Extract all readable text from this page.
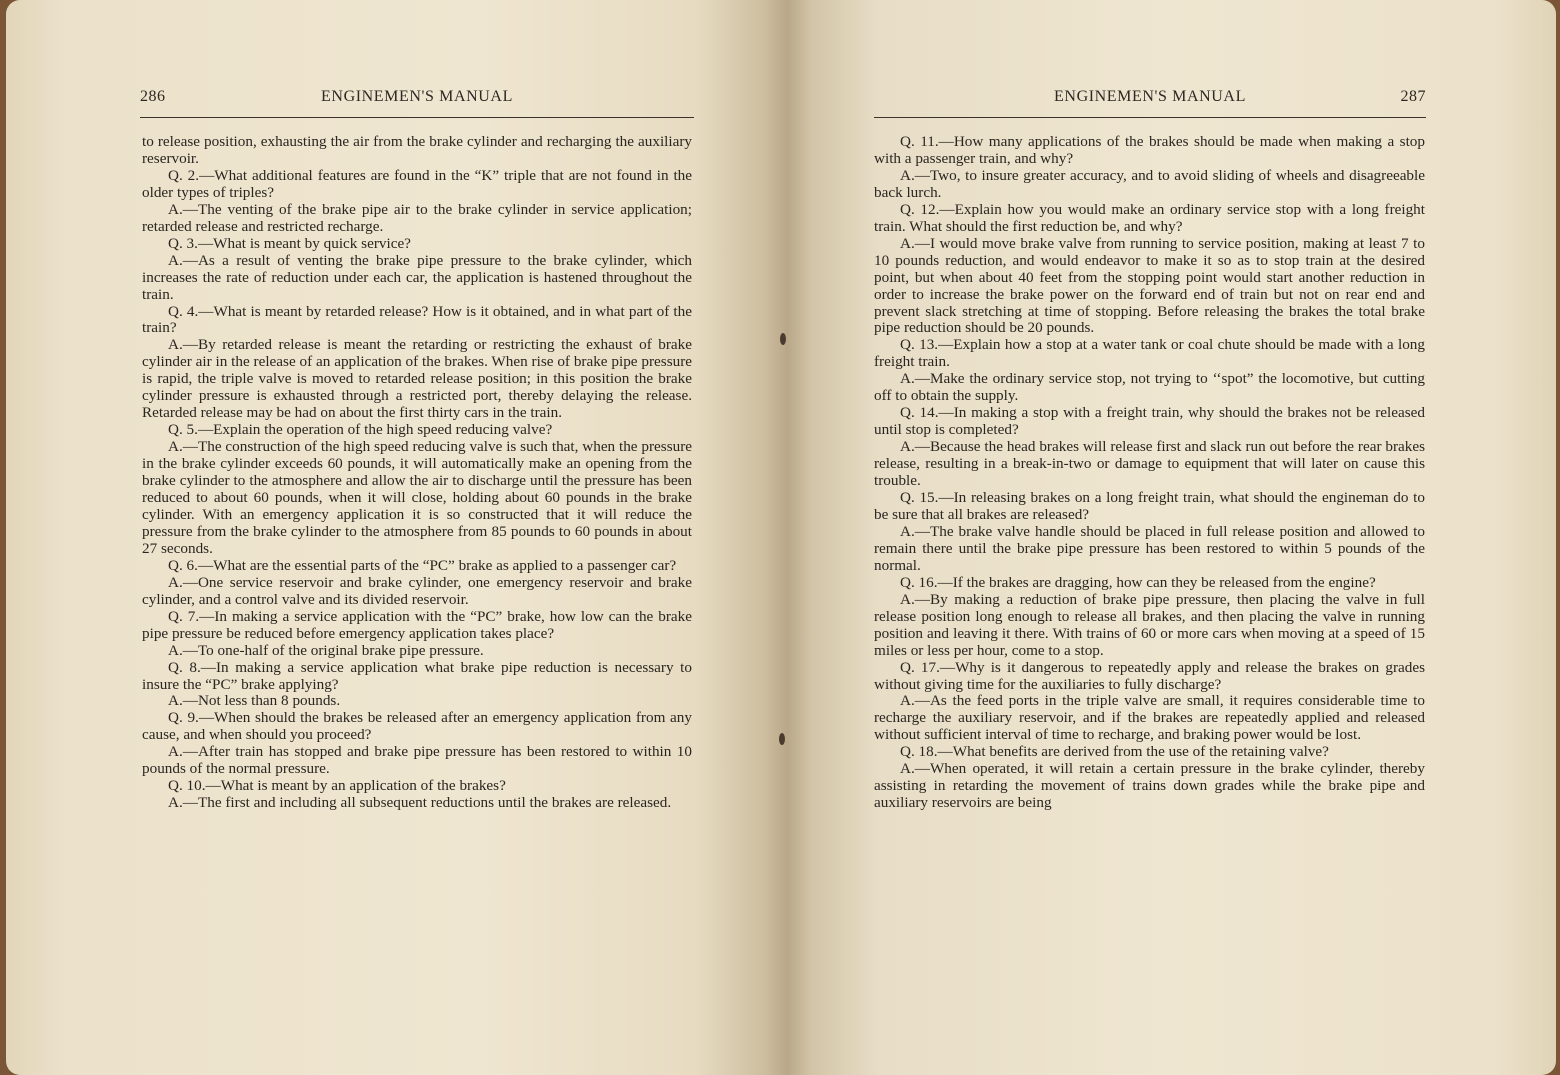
286	ENGINEMEN'S MANUAL

to release position, exhausting the air from the brake cylinder and recharging the auxiliary reservoir.

Q. 2.—What additional features are found in the “K” triple that are not found in the older types of triples?

A.—The venting of the brake pipe air to the brake cylinder in service application; retarded release and restricted recharge.

Q. 3.—What is meant by quick service?

A.—As a result of venting the brake pipe pressure to the brake cylinder, which increases the rate of reduction under each car, the application is hastened throughout the train.

Q. 4.—What is meant by retarded release? How is it obtained, and in what part of the train?

A.—By retarded release is meant the retarding or restricting the exhaust of brake cylinder air in the release of an application of the brakes. When rise of brake pipe pressure is rapid, the triple valve is moved to retarded release position; in this position the brake cylinder pressure is exhausted through a restricted port, thereby delaying the release. Retarded release may be had on about the first thirty cars in the train.

Q. 5.—Explain the operation of the high speed reducing valve?

A.—The construction of the high speed reducing valve is such that, when the pressure in the brake cylinder exceeds 60 pounds, it will automatically make an opening from the brake cylinder to the atmosphere and allow the air to discharge until the pressure has been reduced to about 60 pounds, when it will close, holding about 60 pounds in the brake cylinder. With an emergency application it is so constructed that it will reduce the pressure from the brake cylinder to the atmosphere from 85 pounds to 60 pounds in about 27 seconds.

Q. 6.—What are the essential parts of the “PC” brake as applied to a passenger car?

A.—One service reservoir and brake cylinder, one emergency reservoir and brake cylinder, and a control valve and its divided reservoir.

Q. 7.—In making a service application with the “PC” brake, how low can the brake pipe pressure be reduced before emergency application takes place?

A.—To one-half of the original brake pipe pressure.

Q. 8.—In making a service application what brake pipe reduction is necessary to insure the “PC” brake applying?

A.—Not less than 8 pounds.

Q. 9.—When should the brakes be released after an emergency application from any cause, and when should you proceed?

A.—After train has stopped and brake pipe pressure has been restored to within 10 pounds of the normal pressure.

Q. 10.—What is meant by an application of the brakes?

A.—The first and including all subsequent reductions until the brakes are released.

ENGINEMEN'S MANUAL	287

Q. 11.—How many applications of the brakes should be made when making a stop with a passenger train, and why?

A.—Two, to insure greater accuracy, and to avoid sliding of wheels and disagreeable back lurch.

Q. 12.—Explain how you would make an ordinary service stop with a long freight train. What should the first reduction be, and why?

A.—I would move brake valve from running to service position, making at least 7 to 10 pounds reduction, and would endeavor to make it so as to stop train at the desired point, but when about 40 feet from the stopping point would start another reduction in order to increase the brake power on the forward end of train but not on rear end and prevent slack stretching at time of stopping. Before releasing the brakes the total brake pipe reduction should be 20 pounds.

Q. 13.—Explain how a stop at a water tank or coal chute should be made with a long freight train.

A.—Make the ordinary service stop, not trying to ‘‘spot” the locomotive, but cutting off to obtain the supply.

Q. 14.—In making a stop with a freight train, why should the brakes not be released until stop is completed?

A.—Because the head brakes will release first and slack run out before the rear brakes release, resulting in a break-in-two or damage to equipment that will later on cause this trouble.

Q. 15.—In releasing brakes on a long freight train, what should the engineman do to be sure that all brakes are released?

A.—The brake valve handle should be placed in full release position and allowed to remain there until the brake pipe pressure has been restored to within 5 pounds of the normal.

Q. 16.—If the brakes are dragging, how can they be released from the engine?

A.—By making a reduction of brake pipe pressure, then placing the valve in full release position long enough to release all brakes, and then placing the valve in running position and leaving it there. With trains of 60 or more cars when moving at a speed of 15 miles or less per hour, come to a stop.

Q. 17.—Why is it dangerous to repeatedly apply and release the brakes on grades without giving time for the auxiliaries to fully discharge?

A.—As the feed ports in the triple valve are small, it requires considerable time to recharge the auxiliary reservoir, and if the brakes are repeatedly applied and released without sufficient interval of time to recharge, and braking power would be lost.

Q. 18.—What benefits are derived from the use of the retaining valve?

A.—When operated, it will retain a certain pressure in the brake cylinder, thereby assisting in retarding the movement of trains down grades while the brake pipe and auxiliary reservoirs are being
